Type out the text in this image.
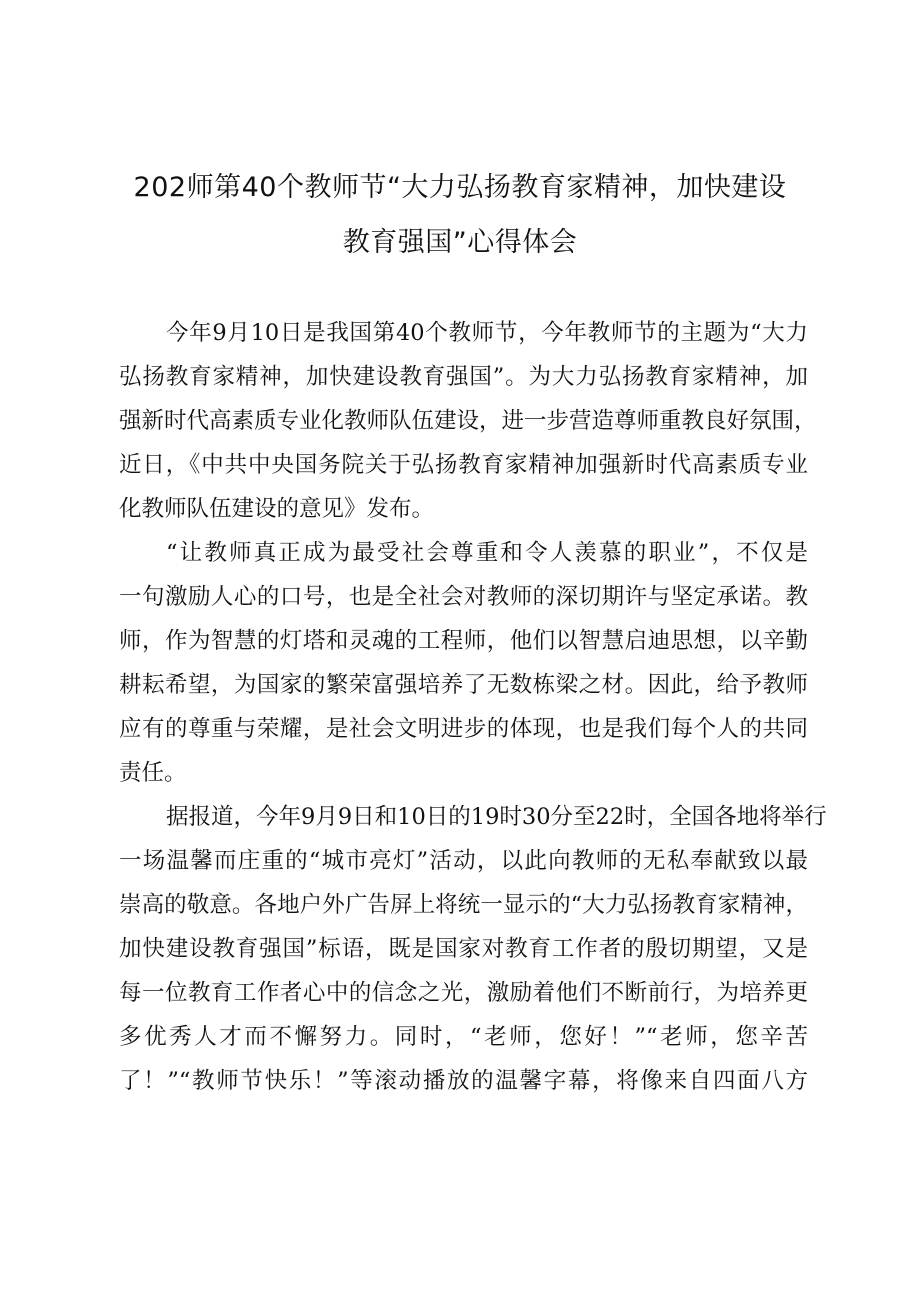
202师第40个教师节“大力弘扬教育家精神，加快建设
教育强国”心得体会
今年9月10日是我国第40个教师节，今年教师节的主题为“大力
弘扬教育家精神，加快建设教育强国”。为大力弘扬教育家精神，加
强新时代高素质专业化教师队伍建设，进一步营造尊师重教良好氛围，
近日，《中共中央国务院关于弘扬教育家精神加强新时代高素质专业
化教师队伍建设的意见》发布。
“让教师真正成为最受社会尊重和令人羡慕的职业”，不仅是
一句激励人心的口号，也是全社会对教师的深切期许与坚定承诺。教
师，作为智慧的灯塔和灵魂的工程师，他们以智慧启迪思想，以辛勤
耕耘希望，为国家的繁荣富强培养了无数栋梁之材。因此，给予教师
应有的尊重与荣耀，是社会文明进步的体现，也是我们每个人的共同
责任。
据报道，今年9月9日和10日的19时30分至22时，全国各地将举行
一场温馨而庄重的“城市亮灯”活动，以此向教师的无私奉献致以最
崇高的敬意。各地户外广告屏上将统一显示的“大力弘扬教育家精神，
加快建设教育强国”标语，既是国家对教育工作者的殷切期望，又是
每一位教育工作者心中的信念之光，激励着他们不断前行，为培养更
多优秀人才而不懈努力。同时，“老师，您好！”“老师，您辛苦
了！”“教师节快乐！”等滚动播放的温馨字幕，将像来自四面八方
